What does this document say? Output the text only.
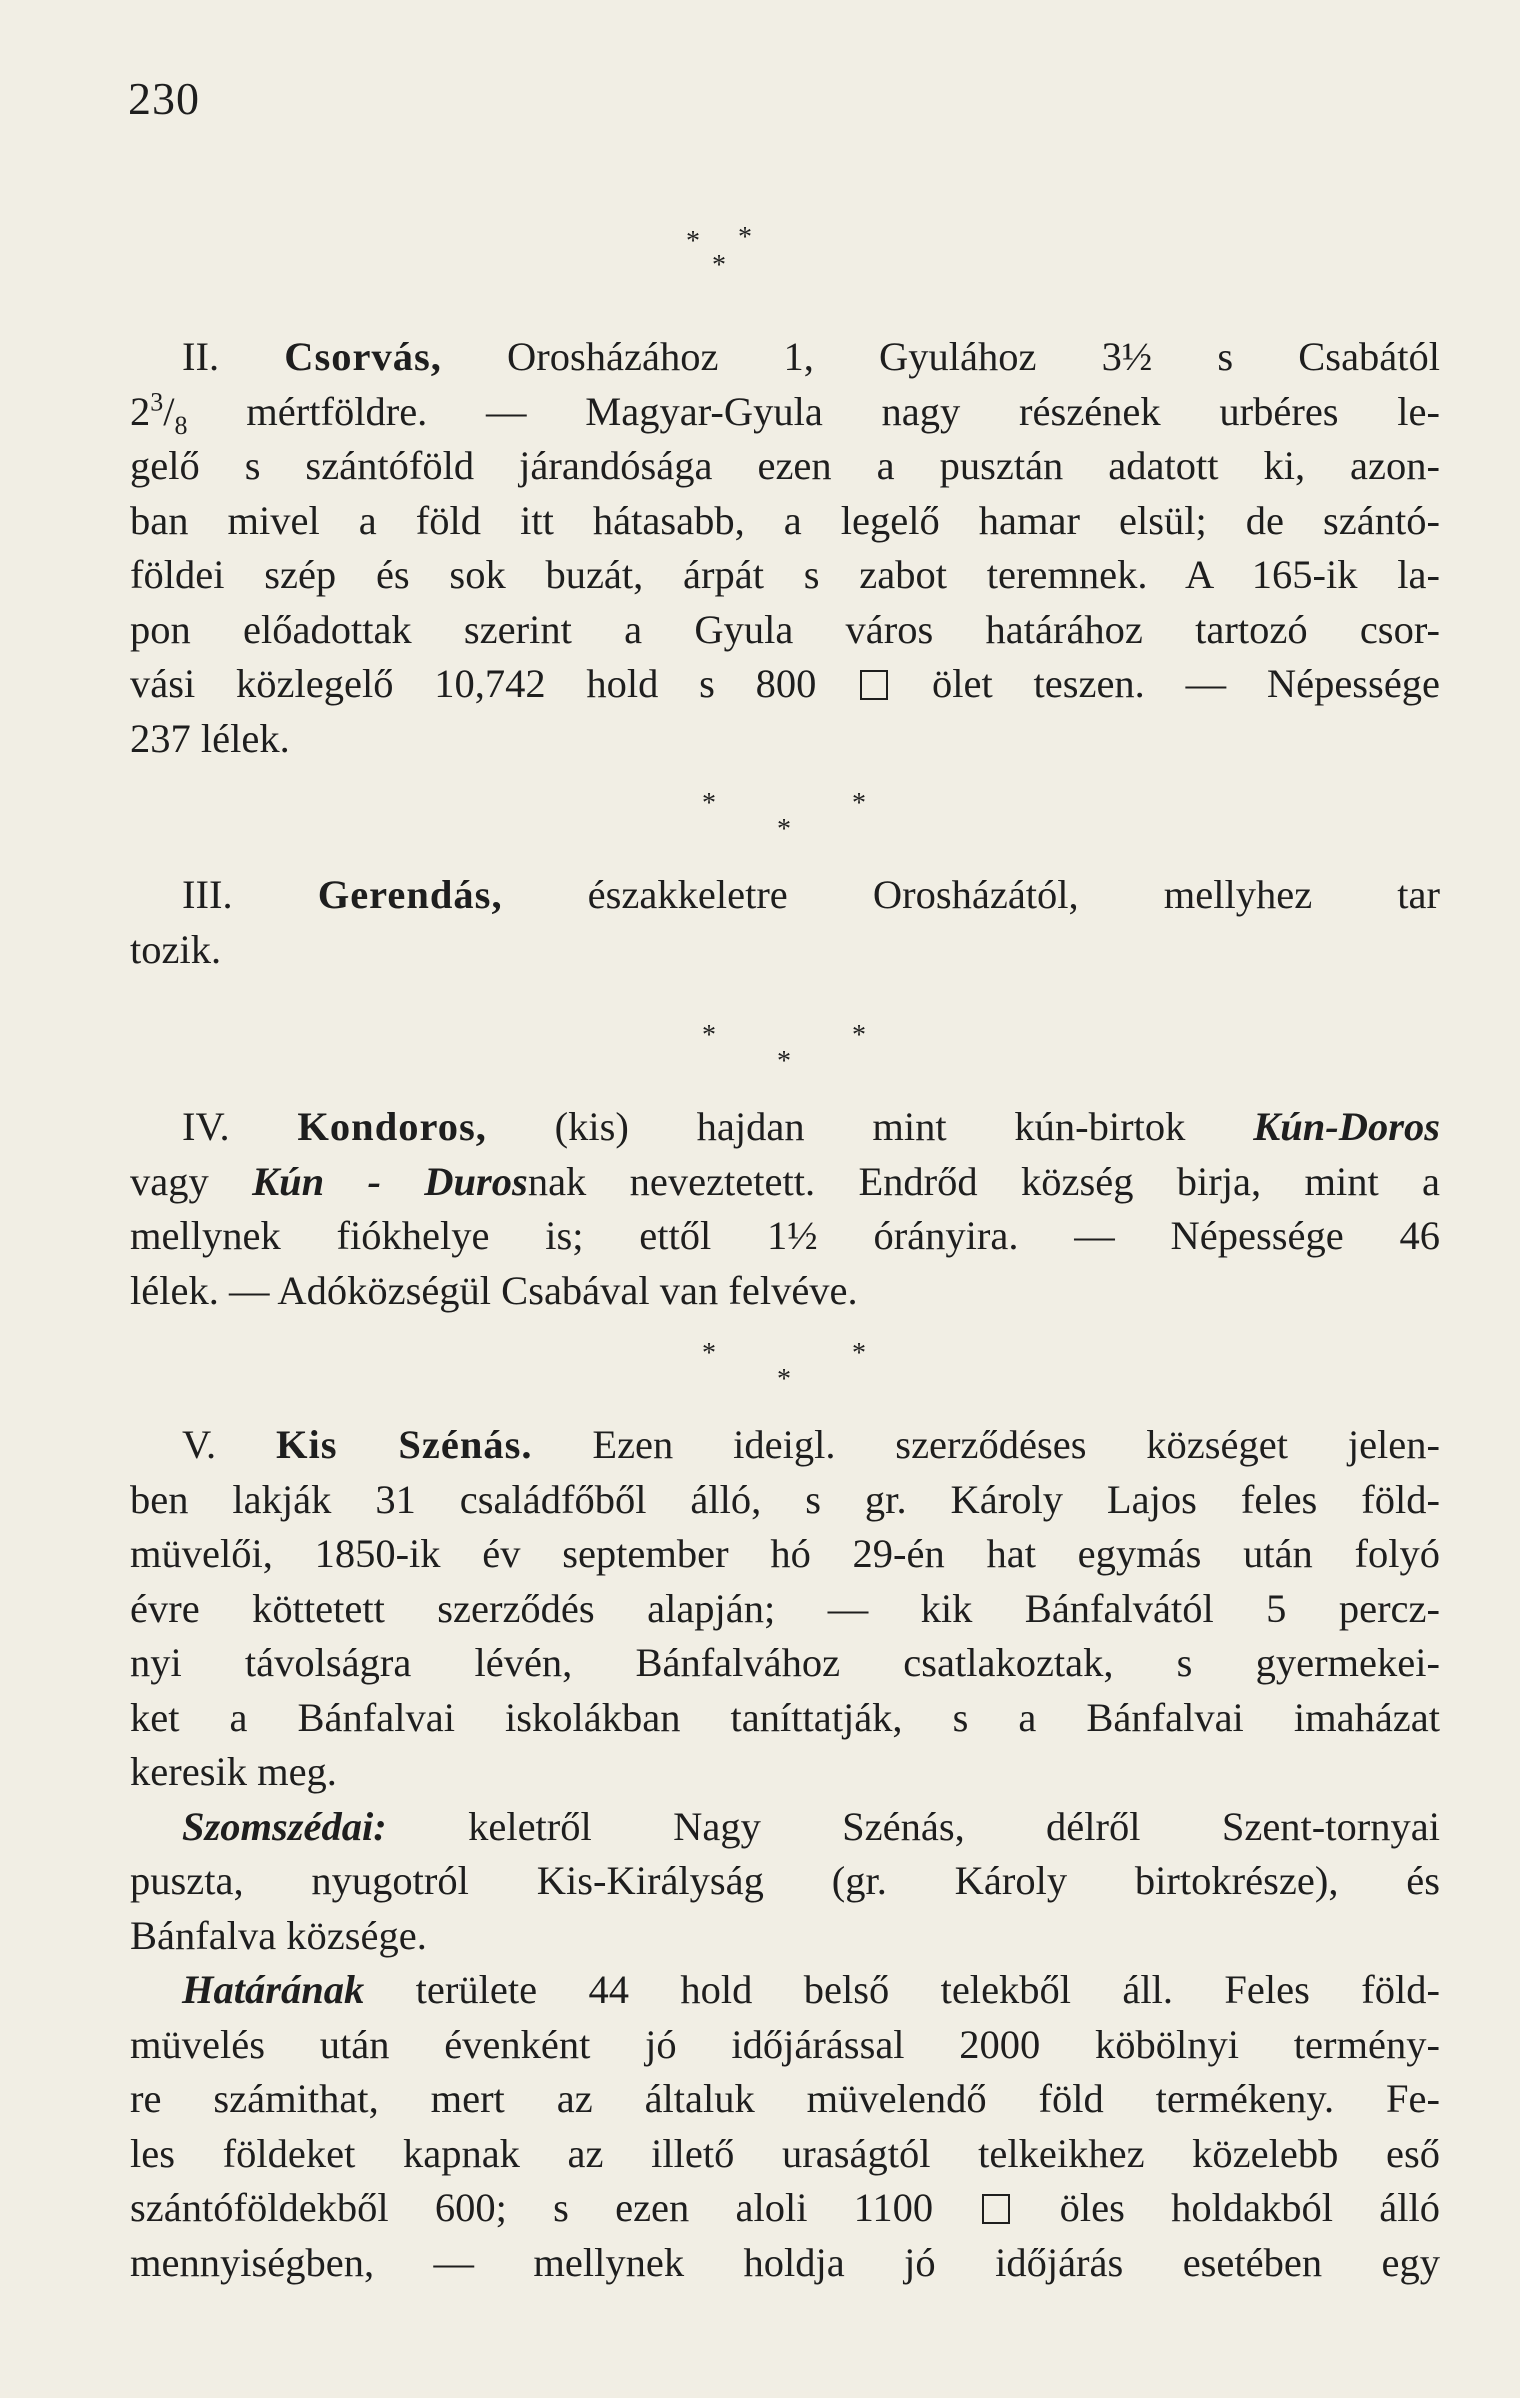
230
* *
*
II. Csorvás, Orosházához 1, Gyulához 3½ s Csabától
$2^3/_8$ mértföldre. — Magyar-Gyula nagy részének urbéres le-
gelő s szántóföld járandósága ezen a pusztán adatott ki, azon-
ban mivel a föld itt hátasabb, a legelő hamar elsül; de szántó-
földei szép és sok buzát, árpát s zabot teremnek. A 165-ik la-
pon előadottak szerint a Gyula város határához tartozó csor-
vási közlegelő 10,742 hold s 800	ölet teszen. — Népessége
237 lélek.
*	*
*
III. Gerendás, északkeletre Orosházától, mellyhez tar
tozik.
*	*
*
IV. Kondoros, (kis) hajdan mint kún-birtok Kún-Doros
vagy Kún - Durosnak neveztetett. Endrőd község birja, mint a
mellynek fiókhelye is; ettől 1½ órányira. — Népessége 46
lélek. — Adóközségül Csabával van felvéve.
*	*
*
V. Kis Szénás. Ezen ideigl. szerződéses községet jelen-
ben lakják 31 családfőből álló, s gr. Károly Lajos feles föld-
müvelői, 1850-ik év september hó 29-én hat egymás után folyó
évre köttetett szerződés alapján; — kik Bánfalvától 5 percz-
nyi távolságra lévén, Bánfalvához csatlakoztak, s gyermekei-
ket a Bánfalvai iskolákban taníttatják, s a Bánfalvai imaházat
keresik meg.
Szomszédai: keletről Nagy Szénás, délről Szent-tornyai
puszta, nyugotról Kis-Királyság (gr. Károly birtokrésze), és
Bánfalva községe.
Határának területe 44 hold belső telekből áll. Feles föld-
müvelés után évenként jó időjárással 2000 köbölnyi termény-
re számithat, mert az általuk müvelendő föld termékeny. Fe-
les földeket kapnak az illető uraságtól telkeikhez közelebb eső
szántóföldekből 600; s ezen aloli 1100	öles holdakból álló
mennyiségben, — mellynek holdja jó időjárás esetében egy
